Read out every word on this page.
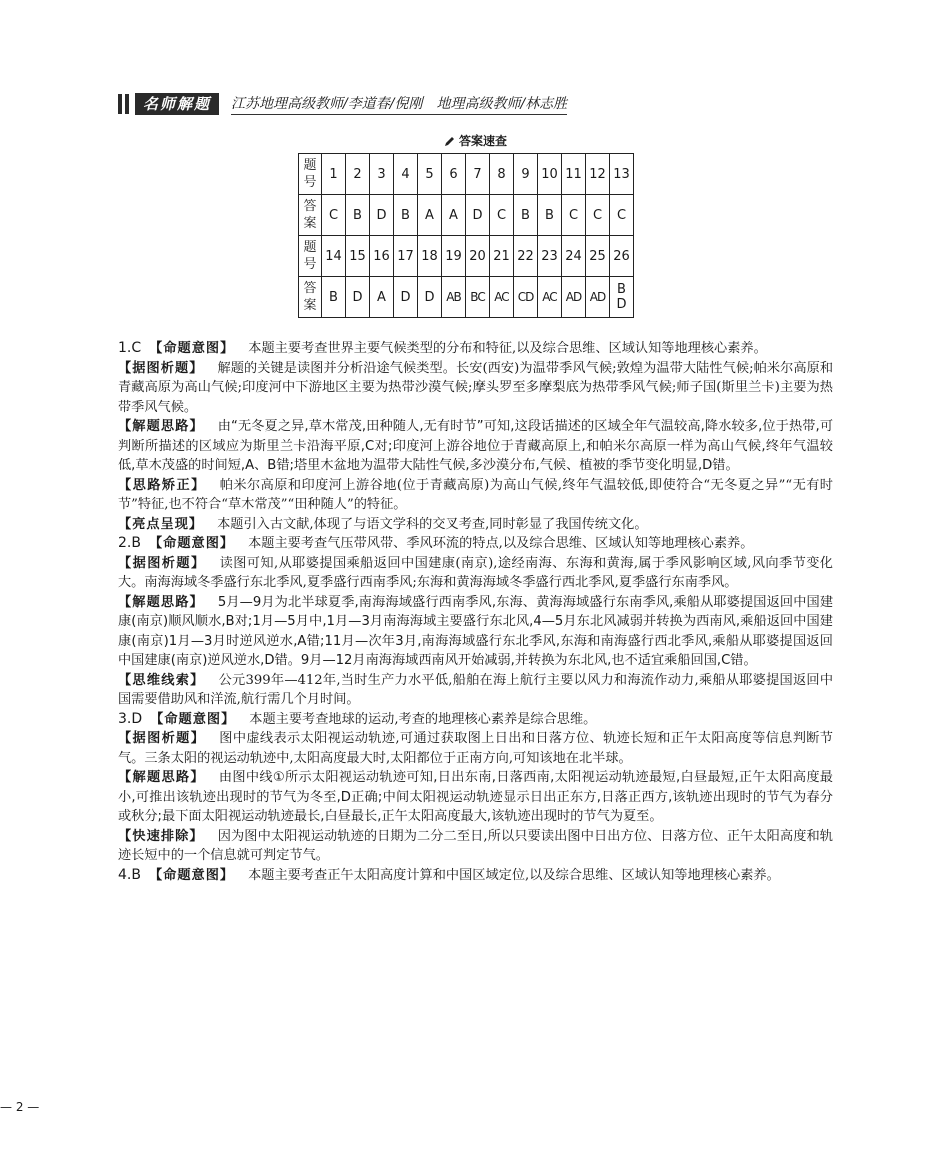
名师解题	江苏地理高级教师/李道春/倪刚　地理高级教师/林志胜
答案速查
题
号	1	2	3	4	5	6	7	8	9	10	11	12	13
答
案	C	B	D	B	A	A	D	C	B	B	C	C	C
题
号	14	15	16	17	18	19	20	21	22	23	24	25	26
答
案	B	D	A	D	D	AB	BC	AC	CD	AC	AD	AD	B
D

1.C 【命题意图】 本题主要考查世界主要气候类型的分布和特征,以及综合思维、区域认知等地理核心素养。

【据图析题】 解题的关键是读图并分析沿途气候类型。长安(西安)为温带季风气候;敦煌为温带大陆性气候;帕米尔高原和青藏高原为高山气候;印度河中下游地区主要为热带沙漠气候;摩头罗至多摩梨底为热带季风气候;师子国(斯里兰卡)主要为热带季风气候。

【解题思路】 由“无冬夏之异,草木常茂,田种随人,无有时节”可知,这段话描述的区域全年气温较高,降水较多,位于热带,可判断所描述的区域应为斯里兰卡沿海平原,C对;印度河上游谷地位于青藏高原上,和帕米尔高原一样为高山气候,终年气温较低,草木茂盛的时间短,A、B错;塔里木盆地为温带大陆性气候,多沙漠分布,气候、植被的季节变化明显,D错。

【思路矫正】 帕米尔高原和印度河上游谷地(位于青藏高原)为高山气候,终年气温较低,即使符合“无冬夏之异”“无有时节”特征,也不符合“草木常茂”“田种随人”的特征。

【亮点呈现】 本题引入古文献,体现了与语文学科的交叉考查,同时彰显了我国传统文化。

2.B 【命题意图】 本题主要考查气压带风带、季风环流的特点,以及综合思维、区域认知等地理核心素养。

【据图析题】 读图可知,从耶婆提国乘船返回中国建康(南京),途经南海、东海和黄海,属于季风影响区域,风向季节变化大。南海海域冬季盛行东北季风,夏季盛行西南季风;东海和黄海海域冬季盛行西北季风,夏季盛行东南季风。

【解题思路】 5月—9月为北半球夏季,南海海域盛行西南季风,东海、黄海海域盛行东南季风,乘船从耶婆提国返回中国建康(南京)顺风顺水,B对;1月—5月中,1月—3月南海海域主要盛行东北风,4—5月东北风减弱并转换为西南风,乘船返回中国建康(南京)1月—3月时逆风逆水,A错;11月—次年3月,南海海域盛行东北季风,东海和南海盛行西北季风,乘船从耶婆提国返回中国建康(南京)逆风逆水,D错。9月—12月南海海域西南风开始减弱,并转换为东北风,也不适宜乘船回国,C错。

【思维线索】 公元399年—412年,当时生产力水平低,船舶在海上航行主要以风力和海流作动力,乘船从耶婆提国返回中国需要借助风和洋流,航行需几个月时间。

3.D 【命题意图】 本题主要考查地球的运动,考查的地理核心素养是综合思维。

【据图析题】 图中虚线表示太阳视运动轨迹,可通过获取图上日出和日落方位、轨迹长短和正午太阳高度等信息判断节气。三条太阳的视运动轨迹中,太阳高度最大时,太阳都位于正南方向,可知该地在北半球。

【解题思路】 由图中线①所示太阳视运动轨迹可知,日出东南,日落西南,太阳视运动轨迹最短,白昼最短,正午太阳高度最小,可推出该轨迹出现时的节气为冬至,D正确;中间太阳视运动轨迹显示日出正东方,日落正西方,该轨迹出现时的节气为春分或秋分;最下面太阳视运动轨迹最长,白昼最长,正午太阳高度最大,该轨迹出现时的节气为夏至。

【快速排除】 因为图中太阳视运动轨迹的日期为二分二至日,所以只要读出图中日出方位、日落方位、正午太阳高度和轨迹长短中的一个信息就可判定节气。

4.B 【命题意图】 本题主要考查正午太阳高度计算和中国区域定位,以及综合思维、区域认知等地理核心素养。

— 2 —
